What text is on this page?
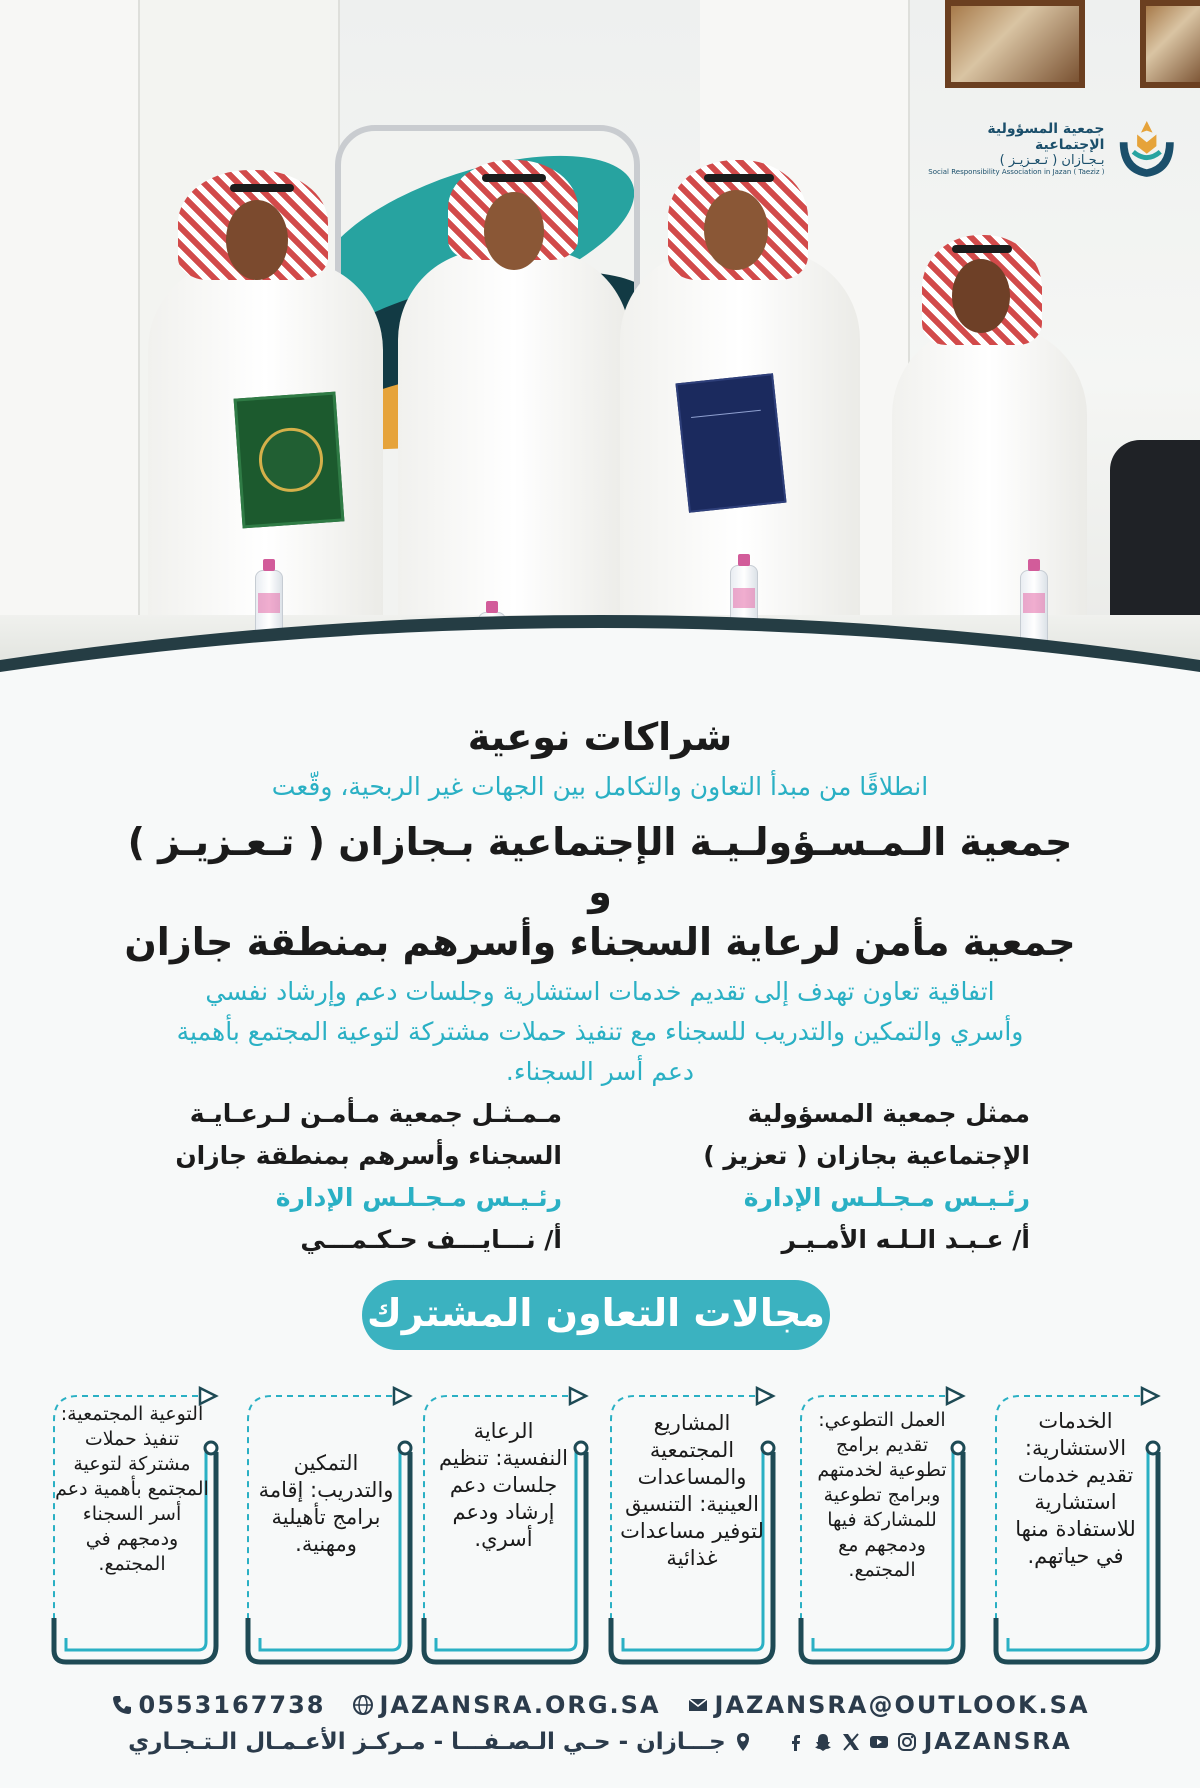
جمعية المسؤولية الإجتماعية
بـجـازان ( تـعـزيـز )
Social Responsibility Association in Jazan ( Taeziz )
شراكات نوعية
انطلاقًا من مبدأ التعاون والتكامل بين الجهات غير الربحية، وقّعت
جمعية الـمـسـؤولـيـة الإجتماعية بـجازان ( تـعـزيـز )
و
جمعية مأمن لرعاية السجناء وأسرهم بمنطقة جازان
اتفاقية تعاون تهدف إلى تقديم خدمات استشارية وجلسات دعم وإرشاد نفسي وأسري والتمكين والتدريب للسجناء مع تنفيذ حملات مشتركة لتوعية المجتمع بأهمية دعم أسر السجناء.
ممثل جمعية المسؤولية
الإجتماعية بجازان ( تعزيز )
رئـيـس مـجـلـس الإدارة
أ/ عـبـد الـلـه الأمـيـر
مـمـثـل جمعية مـأمـن لـرعـايـة
السجناء وأسرهم بمنطقة جازان
رئـيـس مـجـلـس الإدارة
أ/ نـــايـــف حـكـمـــي
مجالات التعاون المشترك
الخدمات الاستشارية: تقديم خدمات استشارية للاستفادة منها في حياتهم.
العمل التطوعي: تقديم برامج تطوعية لخدمتهم وبرامج تطوعية للمشاركة فيها ودمجهم مع المجتمع.
المشاريع المجتمعية والمساعدات العينية: التنسيق لتوفير مساعدات غذائية
الرعاية النفسية: تنظيم جلسات دعم إرشاد ودعم أسري.
التمكين والتدريب: إقامة برامج تأهيلية ومهنية.
التوعية المجتمعية: تنفيذ حملات مشتركة لتوعية المجتمع بأهمية دعم أسر السجناء ودمجهم في المجتمع.
JAZANSRA@OUTLOOK.SA
JAZANSRA.ORG.SA
0553167738
JAZANSRA
جـــازان - حـي الـصـفـــا - مـركـز الأعـمـال الـتـجـاري
